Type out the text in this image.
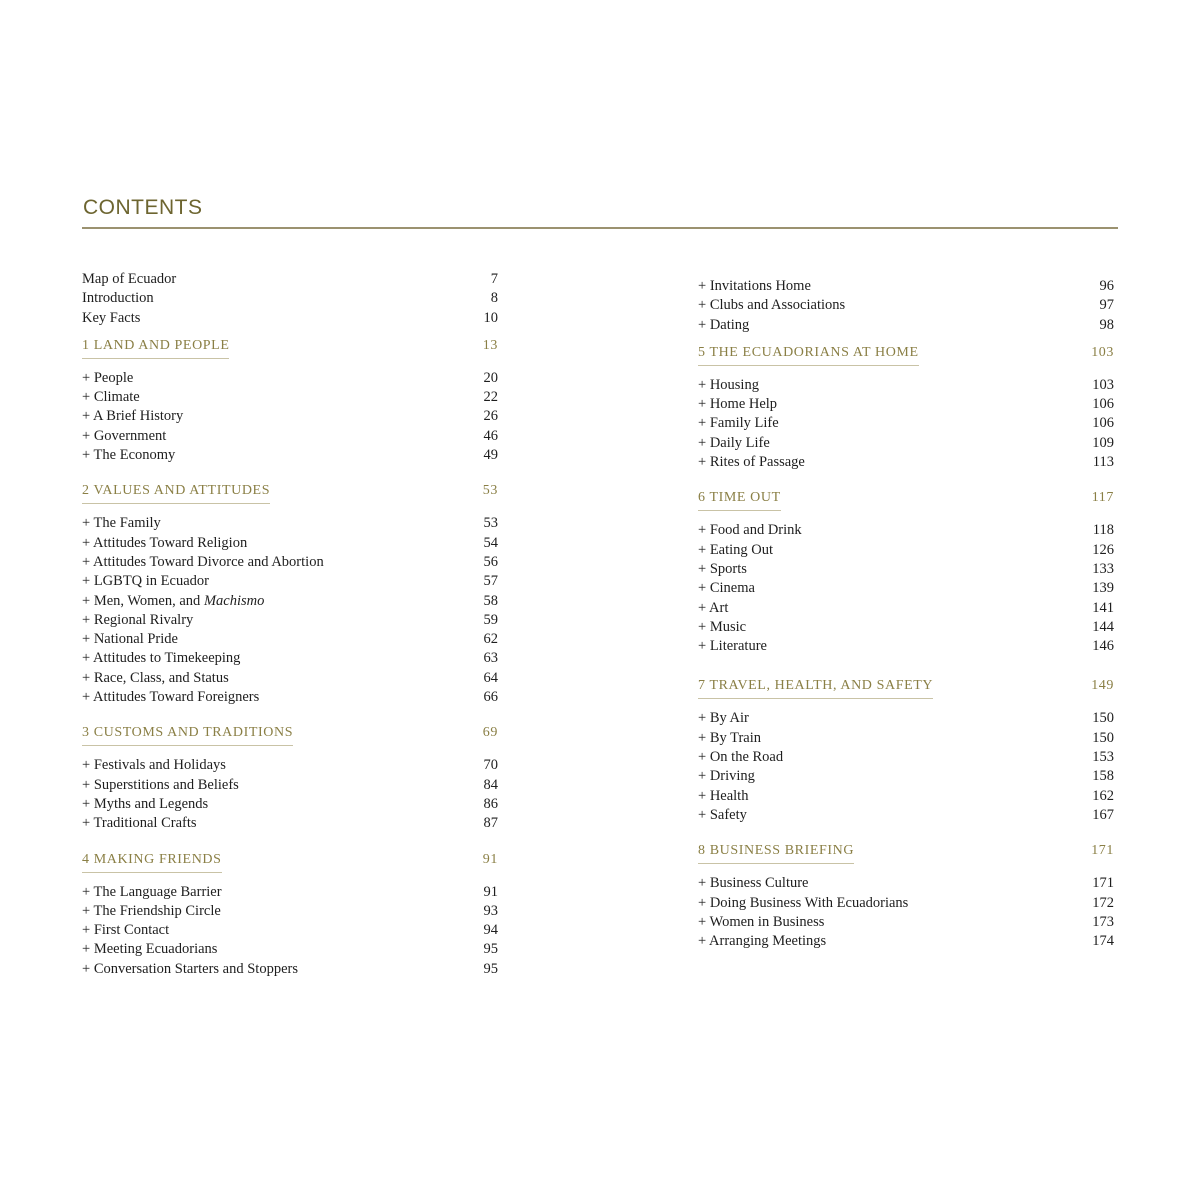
CONTENTS
Map of Ecuador	7
Introduction	8
Key Facts	10
1 LAND AND PEOPLE	13
+ People	20
+ Climate	22
+ A Brief History	26
+ Government	46
+ The Economy	49
2 VALUES AND ATTITUDES	53
+ The Family	53
+ Attitudes Toward Religion	54
+ Attitudes Toward Divorce and Abortion	56
+ LGBTQ in Ecuador	57
+ Men, Women, and Machismo	58
+ Regional Rivalry	59
+ National Pride	62
+ Attitudes to Timekeeping	63
+ Race, Class, and Status	64
+ Attitudes Toward Foreigners	66
3 CUSTOMS AND TRADITIONS	69
+ Festivals and Holidays	70
+ Superstitions and Beliefs	84
+ Myths and Legends	86
+ Traditional Crafts	87
4 MAKING FRIENDS	91
+ The Language Barrier	91
+ The Friendship Circle	93
+ First Contact	94
+ Meeting Ecuadorians	95
+ Conversation Starters and Stoppers	95
+ Invitations Home	96
+ Clubs and Associations	97
+ Dating	98
5 THE ECUADORIANS AT HOME	103
+ Housing	103
+ Home Help	106
+ Family Life	106
+ Daily Life	109
+ Rites of Passage	113
6 TIME OUT	117
+ Food and Drink	118
+ Eating Out	126
+ Sports	133
+ Cinema	139
+ Art	141
+ Music	144
+ Literature	146
7 TRAVEL, HEALTH, AND SAFETY	149
+ By Air	150
+ By Train	150
+ On the Road	153
+ Driving	158
+ Health	162
+ Safety	167
8 BUSINESS BRIEFING	171
+ Business Culture	171
+ Doing Business With Ecuadorians	172
+ Women in Business	173
+ Arranging Meetings	174
